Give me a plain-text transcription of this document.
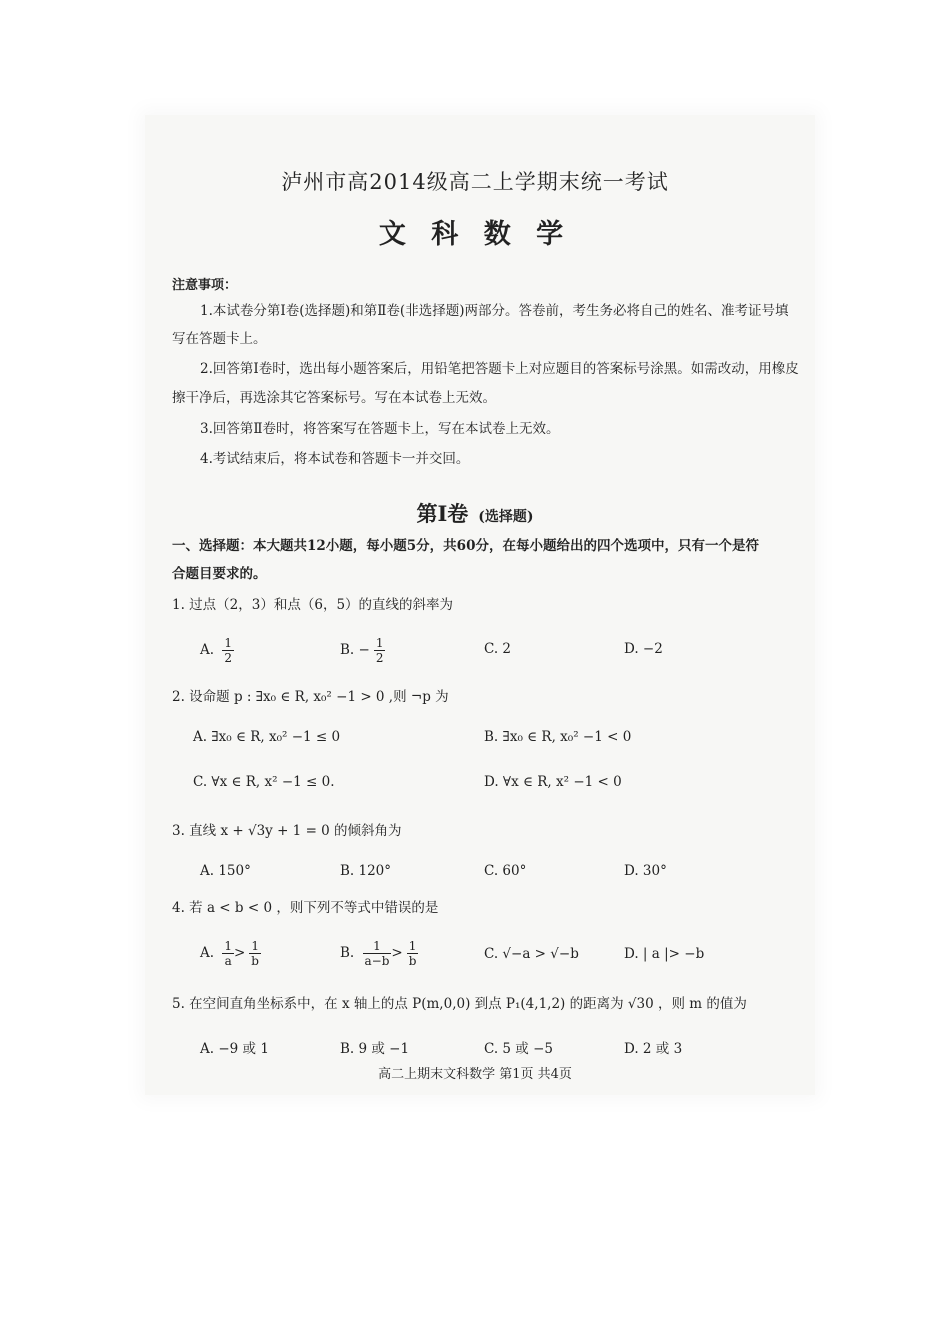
泸州市高2014级高二上学期末统一考试
文 科 数 学
注意事项：
1.本试卷分第Ⅰ卷(选择题)和第Ⅱ卷(非选择题)两部分。答卷前，考生务必将自己的姓名、准考证号填
写在答题卡上。
2.回答第Ⅰ卷时，选出每小题答案后，用铅笔把答题卡上对应题目的答案标号涂黑。如需改动，用橡皮
擦干净后，再选涂其它答案标号。写在本试卷上无效。
3.回答第Ⅱ卷时，将答案写在答题卡上，写在本试卷上无效。
4.考试结束后，将本试卷和答题卡一并交回。
第Ⅰ卷 (选择题)
一、选择题：本大题共12小题，每小题5分，共60分，在每小题给出的四个选项中，只有一个是符
合题目要求的。
1. 过点（2，3）和点（6，5）的直线的斜率为
A. $\frac{1}{2}$	B. − $\frac{1}{2}$	C. 2	D. −2
2. 设命题 p : ∃x₀ ∈ R, x₀² −1 > 0 ,则 ¬p 为
A. ∃x₀ ∈ R, x₀² −1 ≤ 0	B. ∃x₀ ∈ R, x₀² −1 < 0
C. ∀x ∈ R, x² −1 ≤ 0.	D. ∀x ∈ R, x² −1 < 0
3. 直线 x + √3y + 1 = 0 的倾斜角为
A. 150°	B. 120°	C. 60°	D. 30°
4. 若 a < b < 0 ，则下列不等式中错误的是
A. $\frac{1}{a} > \frac{1}{b}$	B. $\frac{1}{a-b} > \frac{1}{b}$	C. √−a > √−b	D. | a |> −b
5. 在空间直角坐标系中，在 x 轴上的点 P(m,0,0) 到点 P₁(4,1,2) 的距离为 √30 ，则 m 的值为
A. −9 或 1	B. 9 或 −1	C. 5 或 −5	D. 2 或 3
高二上期末文科数学 第1页 共4页
